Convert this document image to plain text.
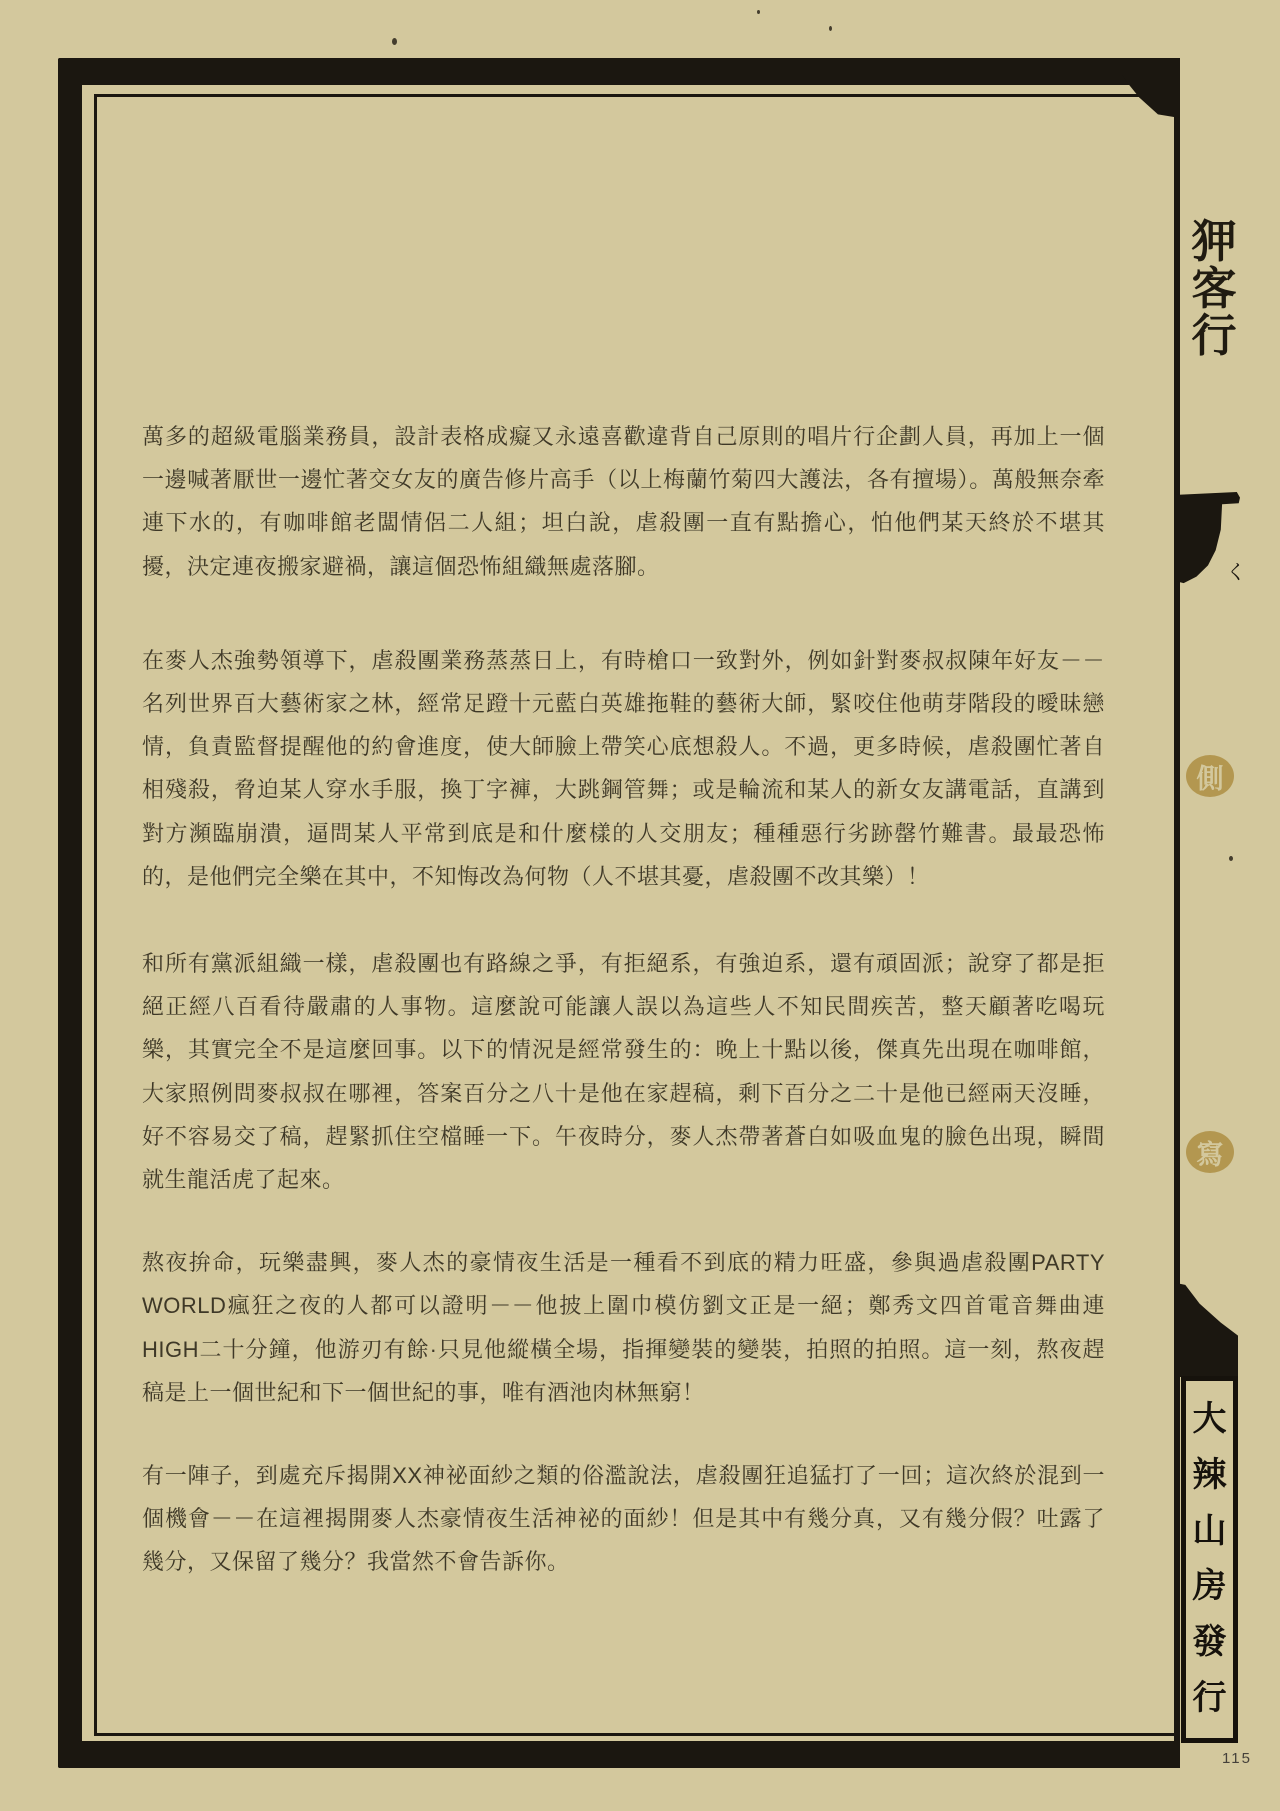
萬多的超級電腦業務員，設計表格成癡又永遠喜歡違背自己原則的唱片行企劃人員，再加上一個
一邊喊著厭世一邊忙著交女友的廣告修片高手（以上梅蘭竹菊四大護法，各有擅場）。萬般無奈牽
連下水的，有咖啡館老闆情侶二人組；坦白說，虐殺團一直有點擔心，怕他們某天終於不堪其
擾，決定連夜搬家避禍，讓這個恐怖組織無處落腳。
在麥人杰強勢領導下，虐殺團業務蒸蒸日上，有時槍口一致對外，例如針對麥叔叔陳年好友－－
名列世界百大藝術家之林，經常足蹬十元藍白英雄拖鞋的藝術大師，緊咬住他萌芽階段的曖昧戀
情，負責監督提醒他的約會進度，使大師臉上帶笑心底想殺人。不過，更多時候，虐殺團忙著自
相殘殺，脅迫某人穿水手服，換丁字褲，大跳鋼管舞；或是輪流和某人的新女友講電話，直講到
對方瀕臨崩潰，逼問某人平常到底是和什麼樣的人交朋友；種種惡行劣跡罄竹難書。最最恐怖
的，是他們完全樂在其中，不知悔改為何物（人不堪其憂，虐殺團不改其樂）！
和所有黨派組織一樣，虐殺團也有路線之爭，有拒絕系，有強迫系，還有頑固派；說穿了都是拒
絕正經八百看待嚴肅的人事物。這麼說可能讓人誤以為這些人不知民間疾苦，整天顧著吃喝玩
樂，其實完全不是這麼回事。以下的情況是經常發生的：晚上十點以後，傑真先出現在咖啡館，
大家照例問麥叔叔在哪裡，答案百分之八十是他在家趕稿，剩下百分之二十是他已經兩天沒睡，
好不容易交了稿，趕緊抓住空檔睡一下。午夜時分，麥人杰帶著蒼白如吸血鬼的臉色出現，瞬間
就生龍活虎了起來。
熬夜拚命，玩樂盡興，麥人杰的豪情夜生活是一種看不到底的精力旺盛，參與過虐殺團PARTY
WORLD瘋狂之夜的人都可以證明－－他披上圍巾模仿劉文正是一絕；鄭秀文四首電音舞曲連
HIGH二十分鐘，他游刃有餘·只見他縱橫全場，指揮變裝的變裝，拍照的拍照。這一刻，熬夜趕
稿是上一個世紀和下一個世紀的事，唯有酒池肉林無窮！
有一陣子，到處充斥揭開XX神祕面紗之類的俗濫說法，虐殺團狂追猛打了一回；這次終於混到一
個機會－－在這裡揭開麥人杰豪情夜生活神祕的面紗！但是其中有幾分真，又有幾分假？吐露了
幾分，又保留了幾分？我當然不會告訴你。
狎
客
行
く
側
寫
大
辣
山
房
發
行
115
